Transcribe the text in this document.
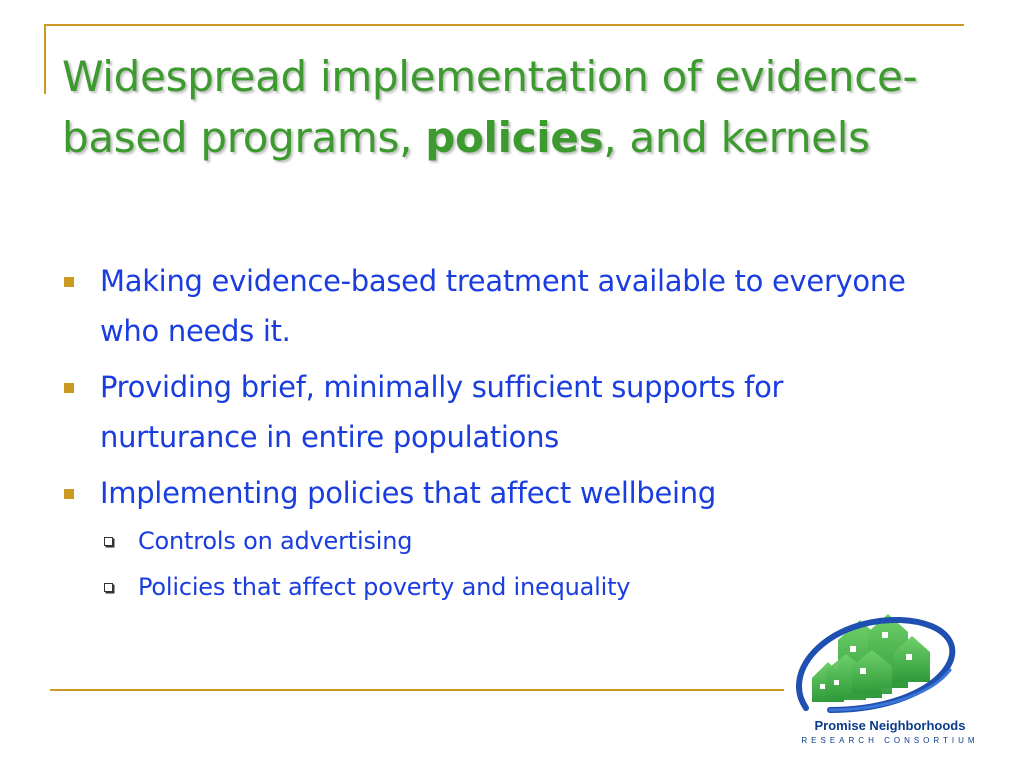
Widespread implementation of evidence-based programs, policies, and kernels
Making evidence-based treatment available to everyone who needs it.
Providing brief, minimally sufficient supports for nurturance in entire populations
Implementing policies that affect wellbeing
Controls on advertising
Policies that affect poverty and inequality
Promise Neighborhoods
RESEARCH CONSORTIUM
